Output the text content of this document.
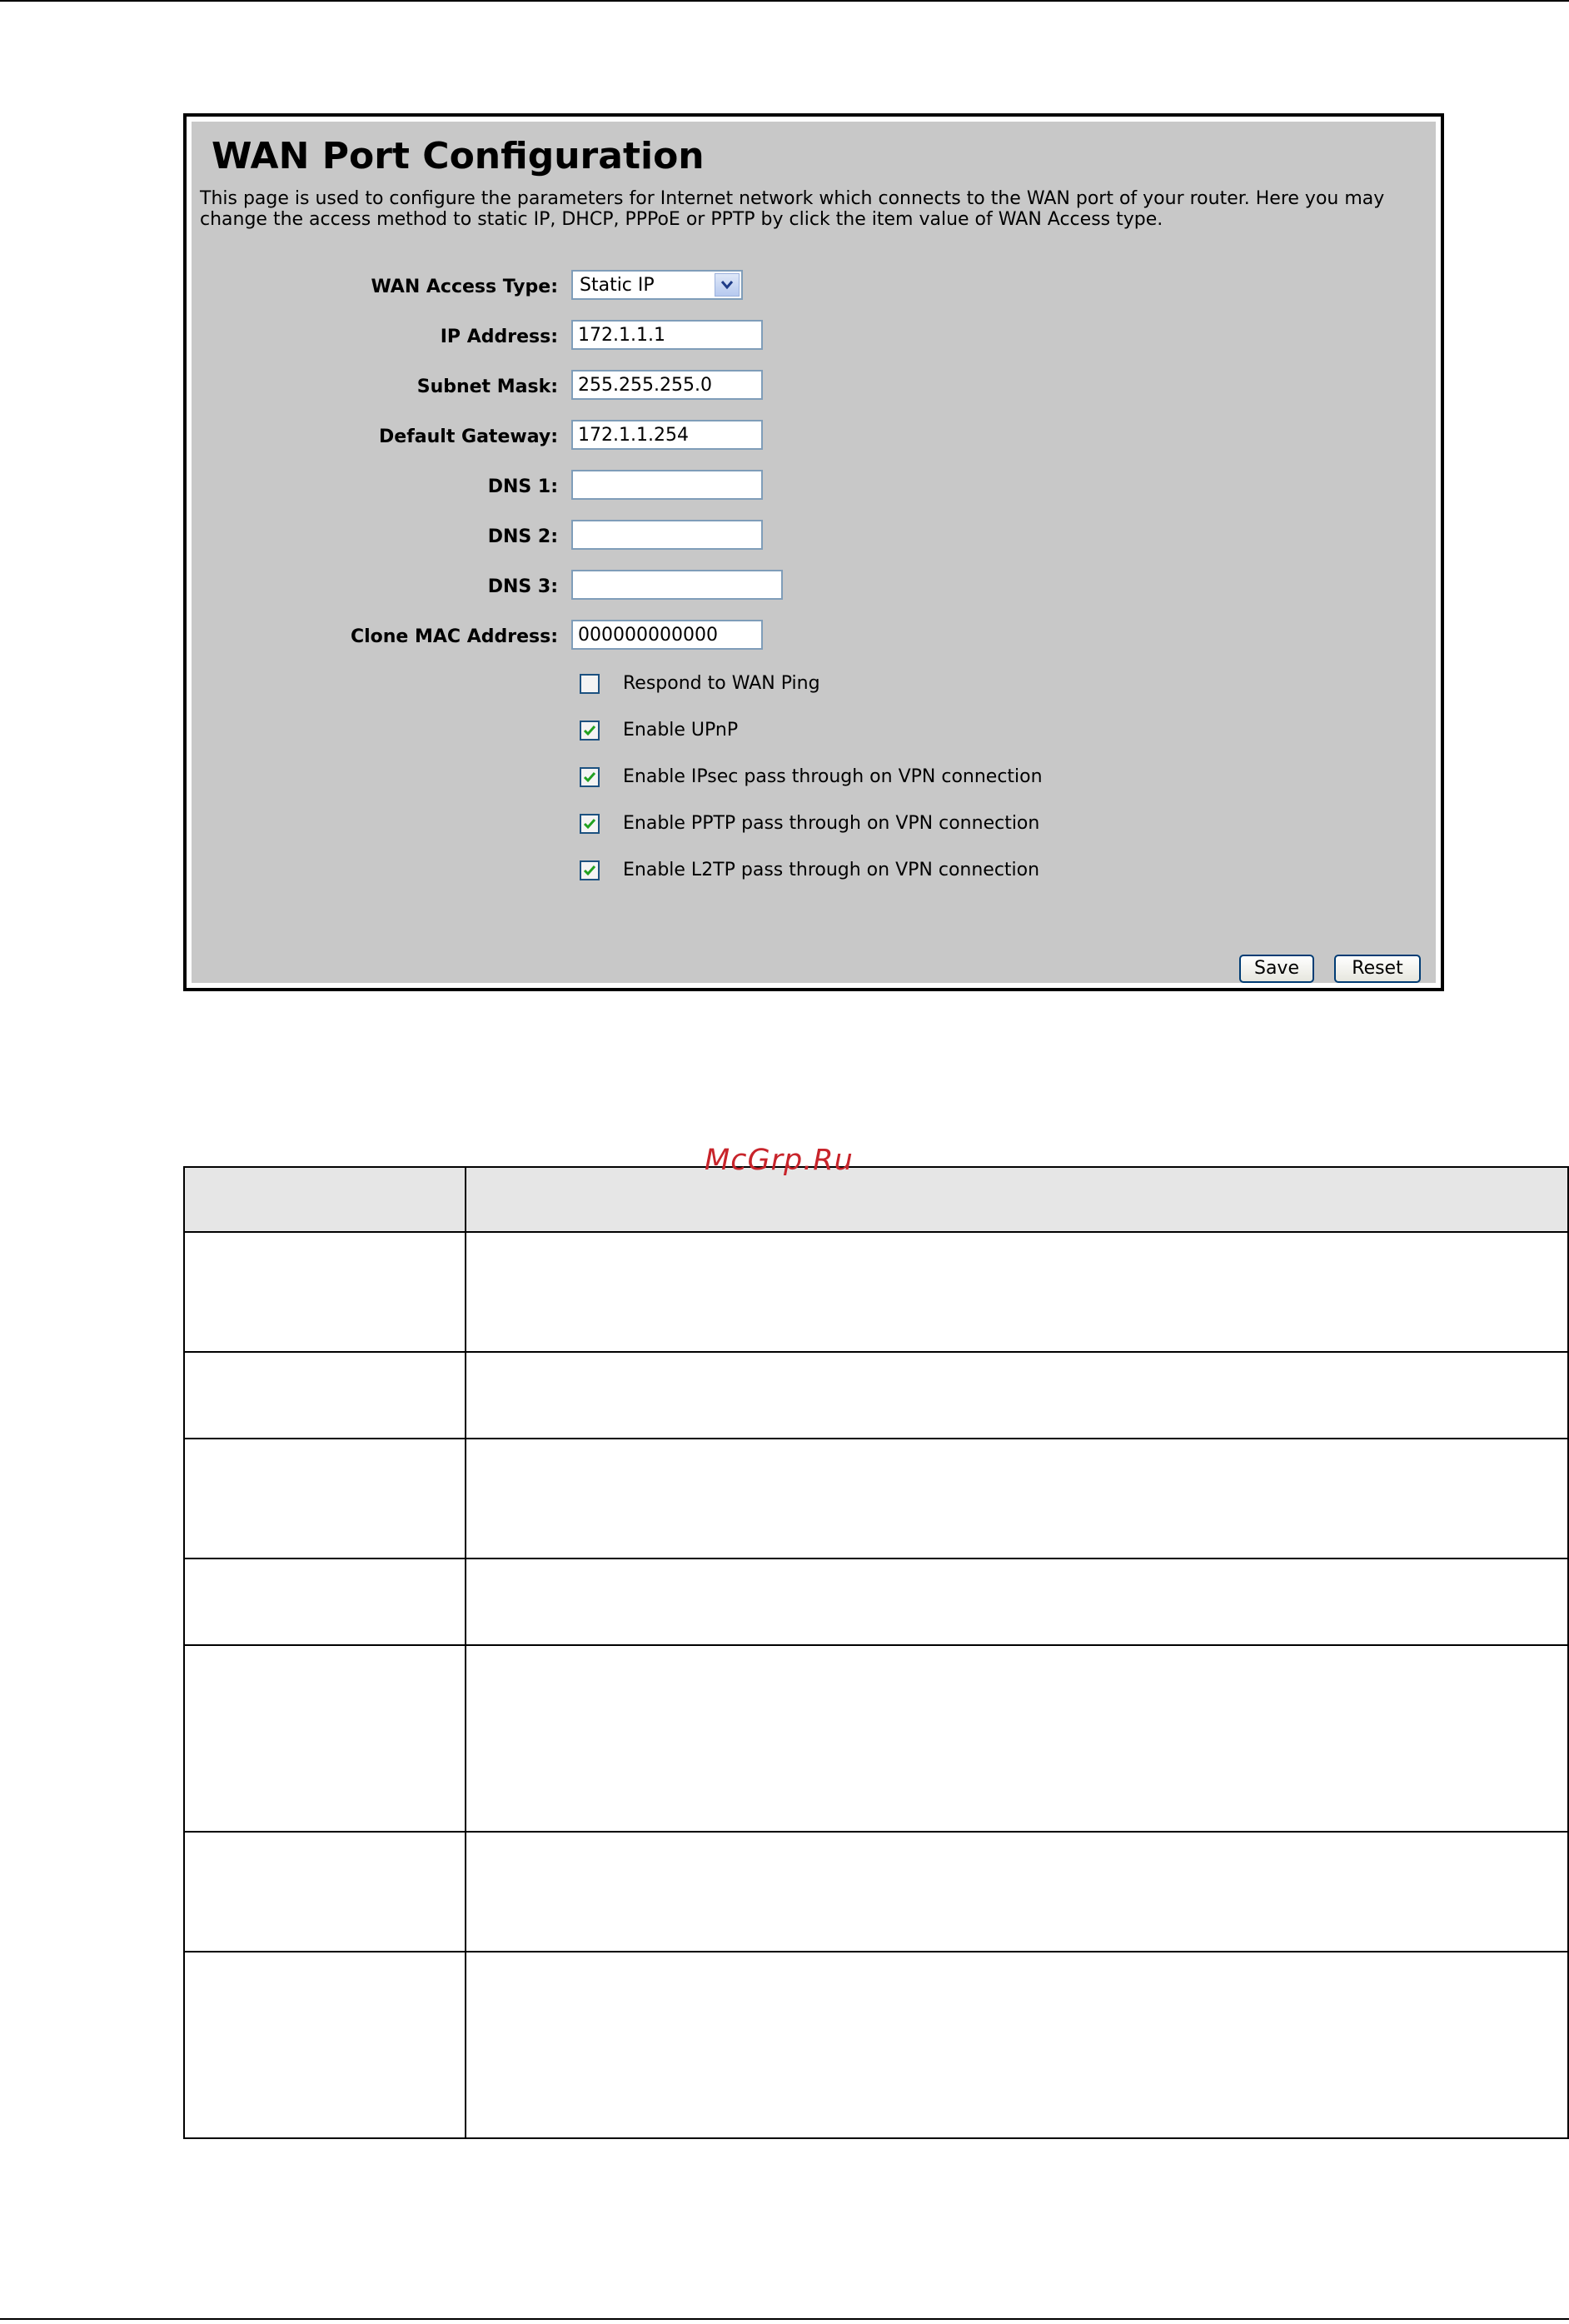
WAN Port Configuration
This page is used to configure the parameters for Internet network which connects to the WAN port of your router. Here you may change the access method to static IP, DHCP, PPPoE or PPTP by click the item value of WAN Access type.
WAN Access Type: Static IP
IP Address:
172.1.1.1
Subnet Mask:
255.255.255.0
Default Gateway:
172.1.1.254
DNS 1:
DNS 2:
DNS 3:
Clone MAC Address:
000000000000
Respond to WAN Ping
Enable UPnP
Enable IPsec pass through on VPN connection
Enable PPTP pass through on VPN connection
Enable L2TP pass through on VPN connection
Save	Reset

McGrp.Ru
